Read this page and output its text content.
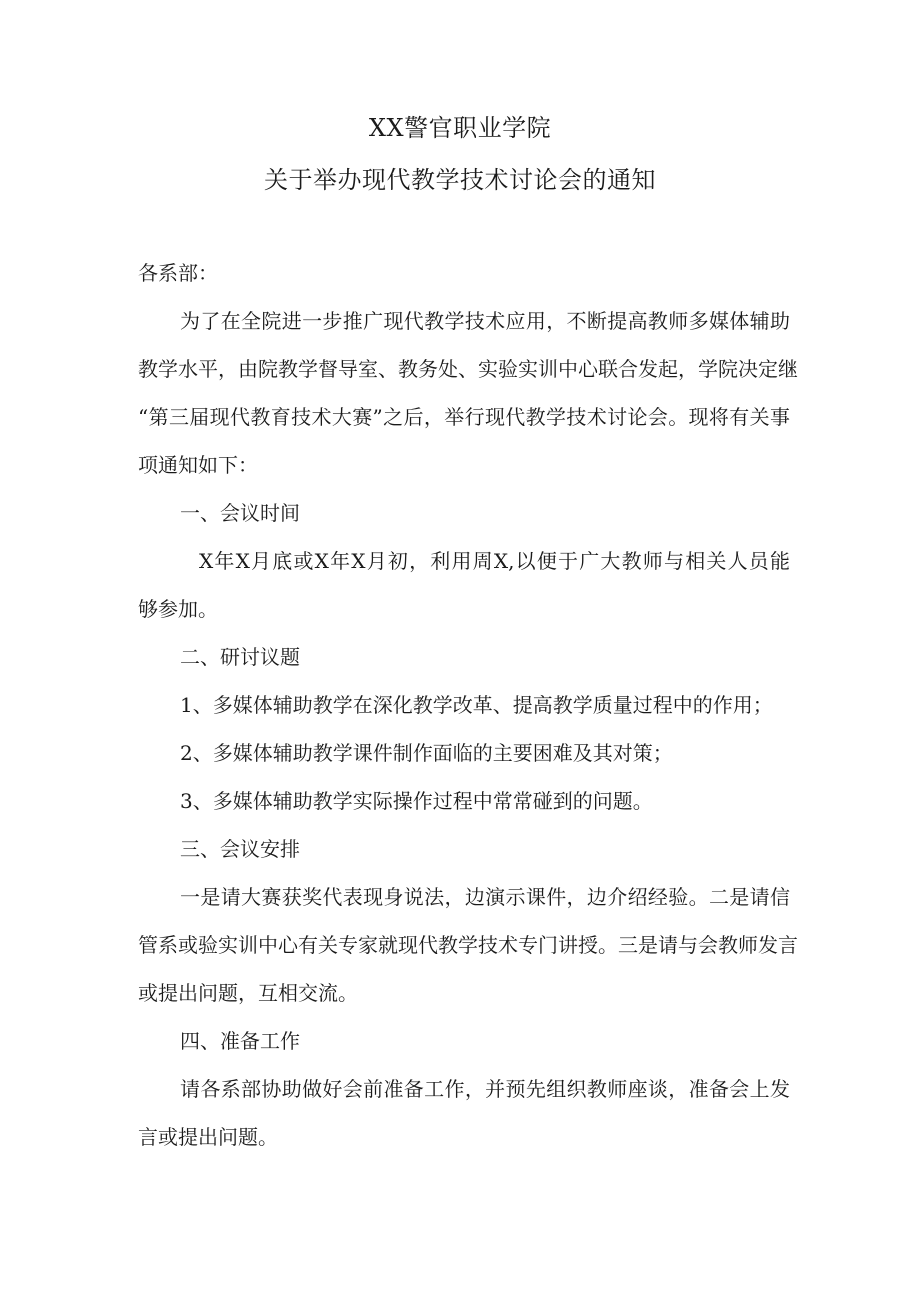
XX警官职业学院
关于举办现代教学技术讨论会的通知
各系部：
为了在全院进一步推广现代教学技术应用，不断提高教师多媒体辅助
教学水平，由院教学督导室、教务处、实验实训中心联合发起，学院决定继
“第三届现代教育技术大赛”之后，举行现代教学技术讨论会。现将有关事
项通知如下：
一、会议时间
X年X月底或X年X月初，利用周X,以便于广大教师与相关人员能
够参加。
二、研讨议题
1、多媒体辅助教学在深化教学改革、提高教学质量过程中的作用；
2、多媒体辅助教学课件制作面临的主要困难及其对策；
3、多媒体辅助教学实际操作过程中常常碰到的问题。
三、会议安排
一是请大赛获奖代表现身说法，边演示课件，边介绍经验。二是请信
管系或验实训中心有关专家就现代教学技术专门讲授。三是请与会教师发言
或提出问题，互相交流。
四、准备工作
请各系部协助做好会前准备工作，并预先组织教师座谈，准备会上发
言或提出问题。
